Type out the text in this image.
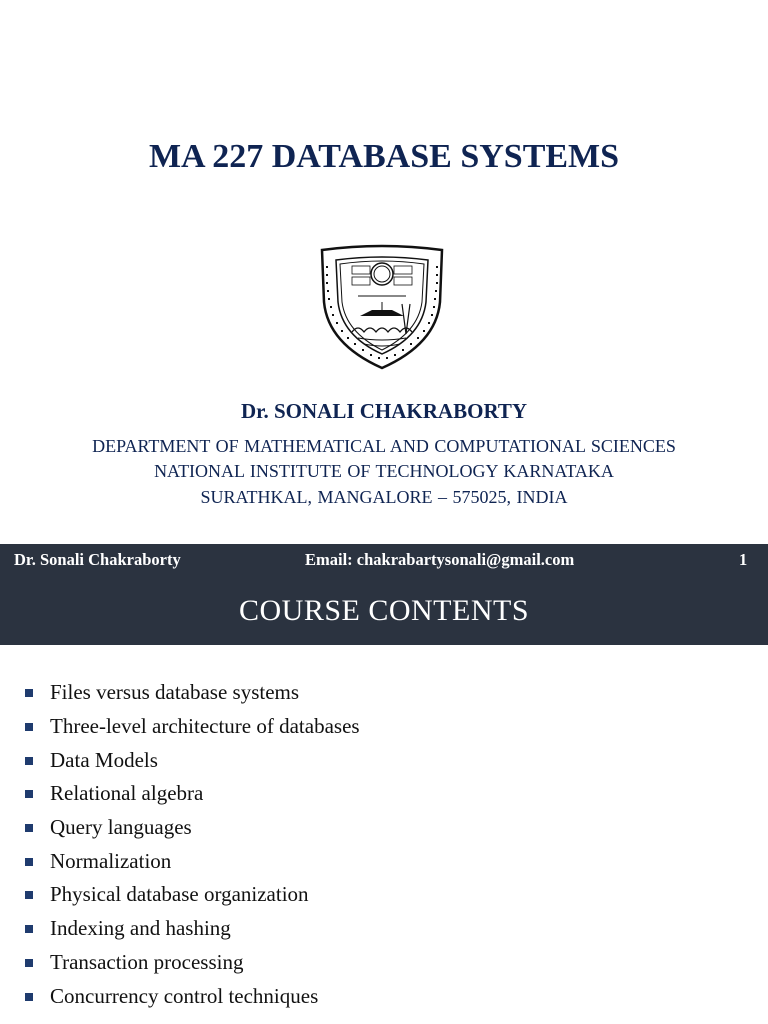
MA 227 DATABASE SYSTEMS
Dr. SONALI CHAKRABORTY
DEPARTMENT OF MATHEMATICAL AND COMPUTATIONAL SCIENCES
NATIONAL INSTITUTE OF TECHNOLOGY KARNATAKA
SURATHKAL, MANGALORE – 575025, INDIA
Dr. Sonali Chakraborty	Email: chakrabartysonali@gmail.com	1
COURSE CONTENTS
Files versus database systems
Three-level architecture of databases
Data Models
Relational algebra
Query languages
Normalization
Physical database organization
Indexing and hashing
Transaction processing
Concurrency control techniques
